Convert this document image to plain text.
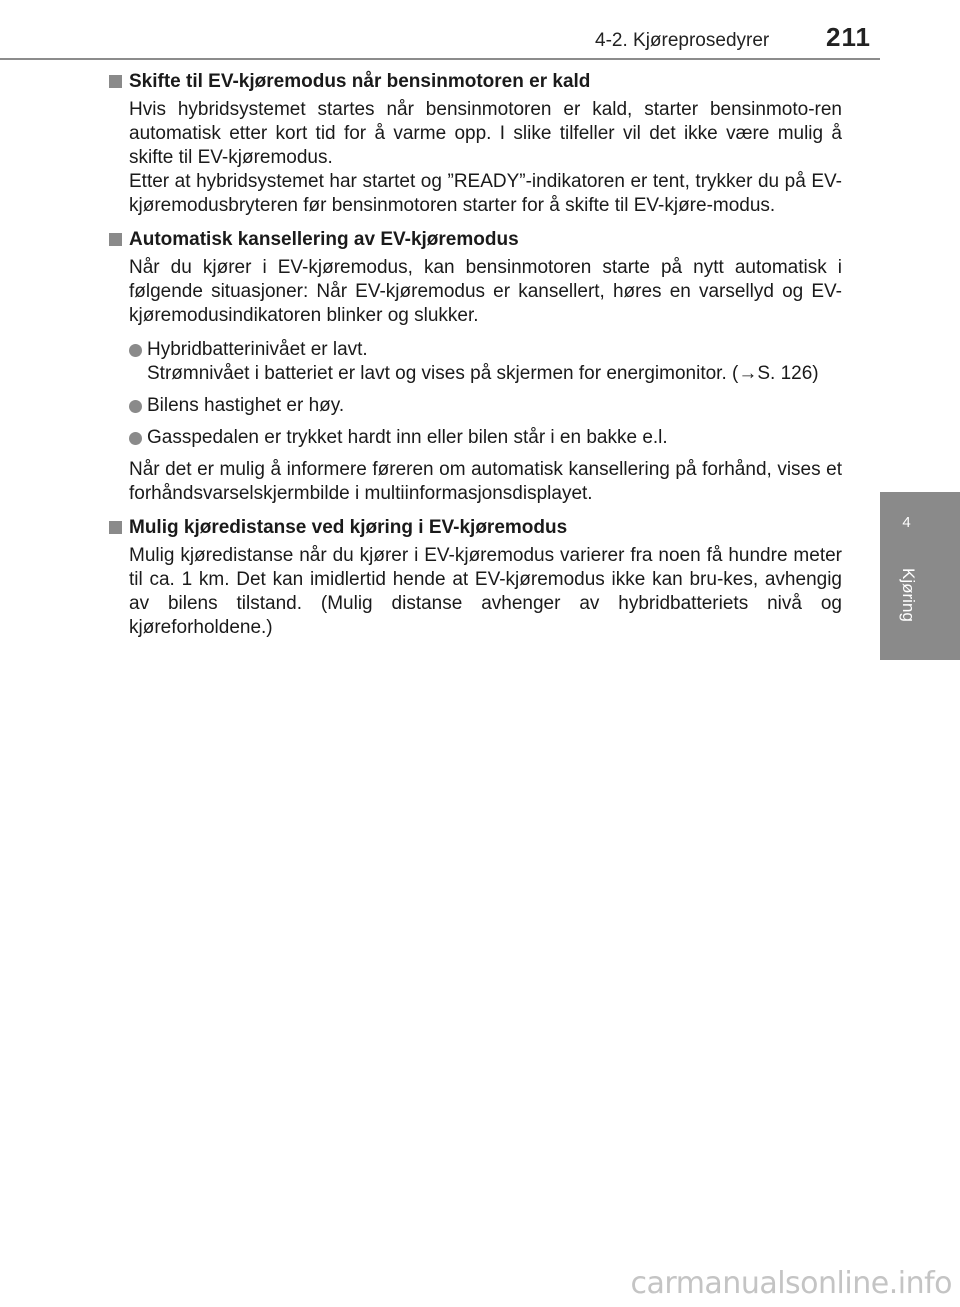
4-2. Kjøreprosedyrer 211
4
Kjøring
Skifte til EV-kjøremodus når bensinmotoren er kald
Hvis hybridsystemet startes når bensinmotoren er kald, starter bensinmoto-ren automatisk etter kort tid for å varme opp. I slike tilfeller vil det ikke være mulig å skifte til EV-kjøremodus.
Etter at hybridsystemet har startet og ”READY”-indikatoren er tent, trykker du på EV-kjøremodusbryteren før bensinmotoren starter for å skifte til EV-kjøre-modus.
Automatisk kansellering av EV-kjøremodus
Når du kjører i EV-kjøremodus, kan bensinmotoren starte på nytt automatisk i følgende situasjoner: Når EV-kjøremodus er kansellert, høres en varsellyd og EV-kjøremodusindikatoren blinker og slukker.
Hybridbatterinivået er lavt.
Strømnivået i batteriet er lavt og vises på skjermen for energimonitor. (→S. 126)
Bilens hastighet er høy.
Gasspedalen er trykket hardt inn eller bilen står i en bakke e.l.
Når det er mulig å informere føreren om automatisk kansellering på forhånd, vises et forhåndsvarselskjermbilde i multiinformasjonsdisplayet.
Mulig kjøredistanse ved kjøring i EV-kjøremodus
Mulig kjøredistanse når du kjører i EV-kjøremodus varierer fra noen få hundre meter til ca. 1 km. Det kan imidlertid hende at EV-kjøremodus ikke kan bru-kes, avhengig av bilens tilstand. (Mulig distanse avhenger av hybridbatteriets nivå og kjøreforholdene.)
carmanualsonline.info
